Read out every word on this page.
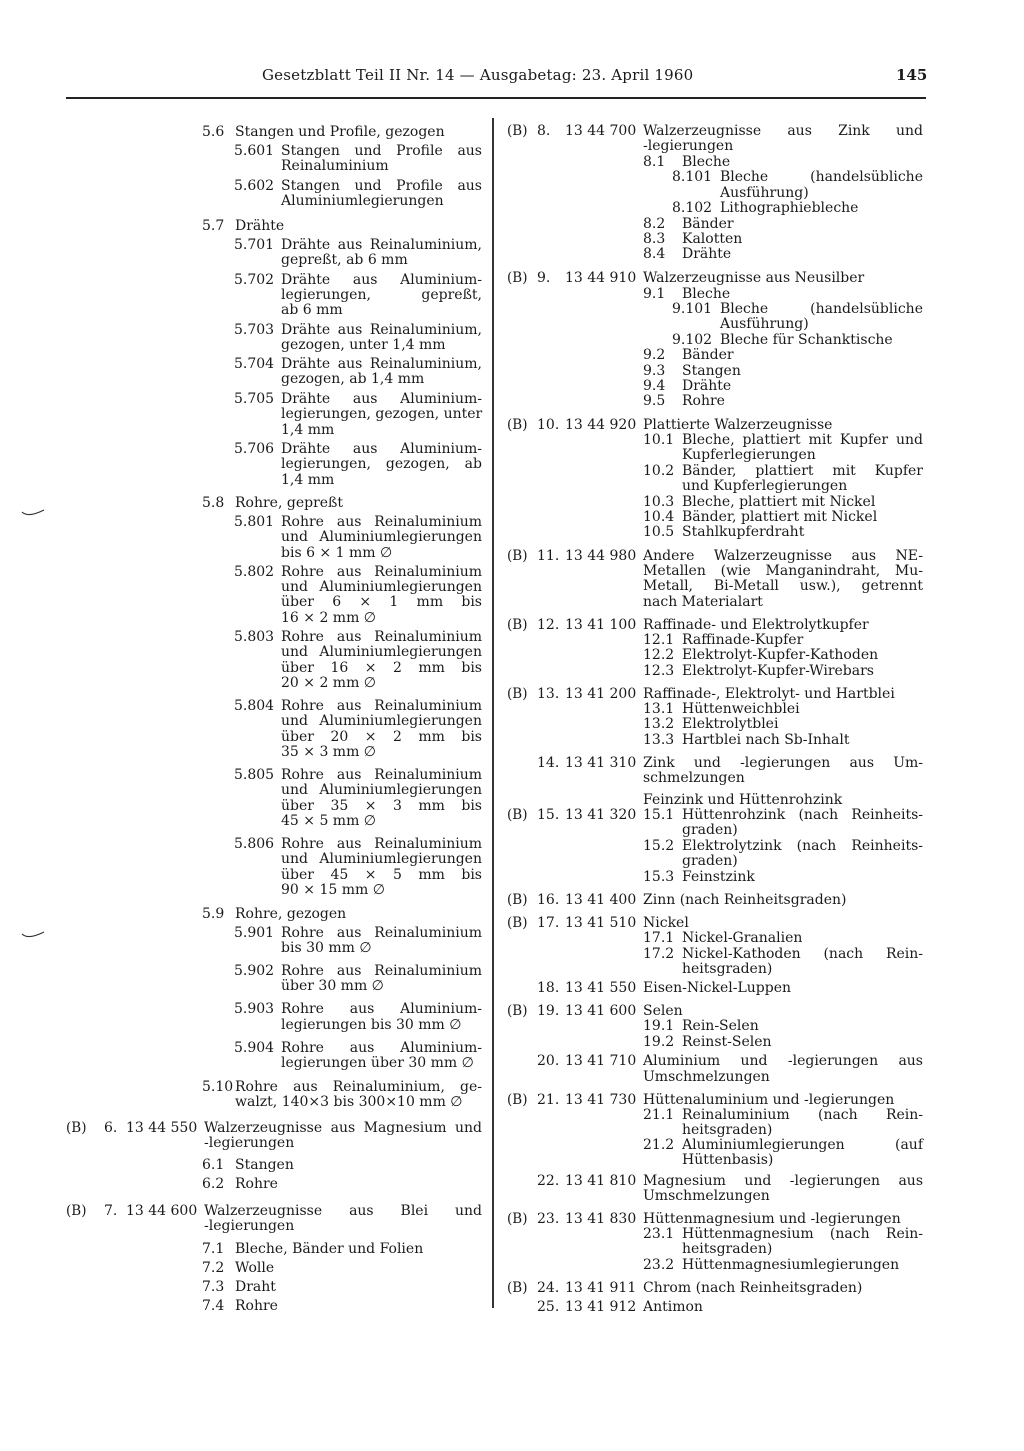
Gesetzblatt Teil II Nr. 14 — Ausgabetag: 23. April 1960	145
5.6 Stangen und Profile, gezogen
5.601 Stangen und Profile aus
Reinaluminium
5.602 Stangen und Profile aus
Aluminiumlegierungen
5.7 Drähte
5.701 Drähte aus Reinaluminium,
gepreßt, ab 6 mm
5.702 Drähte aus Aluminium-
legierungen, gepreßt,
ab 6 mm
5.703 Drähte aus Reinaluminium,
gezogen, unter 1,4 mm
5.704 Drähte aus Reinaluminium,
gezogen, ab 1,4 mm
5.705 Drähte aus Aluminium-
legierungen, gezogen, unter
1,4 mm
5.706 Drähte aus Aluminium-
legierungen, gezogen, ab
1,4 mm
5.8 Rohre, gepreßt
5.801 Rohre aus Reinaluminium
und Aluminiumlegierungen
bis 6 × 1 mm ∅
5.802 Rohre aus Reinaluminium
und Aluminiumlegierungen
über 6 × 1 mm bis
16 × 2 mm ∅
5.803 Rohre aus Reinaluminium
und Aluminiumlegierungen
über 16 × 2 mm bis
20 × 2 mm ∅
5.804 Rohre aus Reinaluminium
und Aluminiumlegierungen
über 20 × 2 mm bis
35 × 3 mm ∅
5.805 Rohre aus Reinaluminium
und Aluminiumlegierungen
über 35 × 3 mm bis
45 × 5 mm ∅
5.806 Rohre aus Reinaluminium
und Aluminiumlegierungen
über 45 × 5 mm bis
90 × 15 mm ∅
5.9 Rohre, gezogen
5.901 Rohre aus Reinaluminium
bis 30 mm ∅
5.902 Rohre aus Reinaluminium
über 30 mm ∅
5.903 Rohre aus Aluminium-
legierungen bis 30 mm ∅
5.904 Rohre aus Aluminium-
legierungen über 30 mm ∅
5.10 Rohre aus Reinaluminium, ge-
walzt, 140×3 bis 300×10 mm ∅
(B) 6. 13 44 550 Walzerzeugnisse aus Magnesium und
-legierungen
6.1 Stangen
6.2 Rohre
(B) 7. 13 44 600 Walzerzeugnisse aus Blei und
-legierungen
7.1 Bleche, Bänder und Folien
7.2 Wolle
7.3 Draht
7.4 Rohre
(B) 8. 13 44 700 Walzerzeugnisse aus Zink und
-legierungen
8.1 Bleche
8.101 Bleche (handelsübliche
Ausführung)
8.102 Lithographiebleche
8.2 Bänder
8.3 Kalotten
8.4 Drähte
(B) 9. 13 44 910 Walzerzeugnisse aus Neusilber
9.1 Bleche
9.101 Bleche (handelsübliche
Ausführung)
9.102 Bleche für Schanktische
9.2 Bänder
9.3 Stangen
9.4 Drähte
9.5 Rohre
(B) 10. 13 44 920 Plattierte Walzerzeugnisse
10.1 Bleche, plattiert mit Kupfer und
Kupferlegierungen
10.2 Bänder, plattiert mit Kupfer
und Kupferlegierungen
10.3 Bleche, plattiert mit Nickel
10.4 Bänder, plattiert mit Nickel
10.5 Stahlkupferdraht
(B) 11. 13 44 980 Andere Walzerzeugnisse aus NE-
Metallen (wie Manganindraht, Mu-
Metall, Bi-Metall usw.), getrennt
nach Materialart
(B) 12. 13 41 100 Raffinade- und Elektrolytkupfer
12.1 Raffinade-Kupfer
12.2 Elektrolyt-Kupfer-Kathoden
12.3 Elektrolyt-Kupfer-Wirebars
(B) 13. 13 41 200 Raffinade-, Elektrolyt- und Hartblei
13.1 Hüttenweichblei
13.2 Elektrolytblei
13.3 Hartblei nach Sb-Inhalt
14. 13 41 310 Zink und -legierungen aus Um-
schmelzungen
Feinzink und Hüttenrohzink
(B) 15. 13 41 320 15.1 Hüttenrohzink (nach Reinheits-
graden)
15.2 Elektrolytzink (nach Reinheits-
graden)
15.3 Feinstzink
(B) 16. 13 41 400 Zinn (nach Reinheitsgraden)
(B) 17. 13 41 510 Nickel
17.1 Nickel-Granalien
17.2 Nickel-Kathoden (nach Rein-
heitsgraden)
18. 13 41 550 Eisen-Nickel-Luppen
(B) 19. 13 41 600 Selen
19.1 Rein-Selen
19.2 Reinst-Selen
20. 13 41 710 Aluminium und -legierungen aus
Umschmelzungen
(B) 21. 13 41 730 Hüttenaluminium und -legierungen
21.1 Reinaluminium (nach Rein-
heitsgraden)
21.2 Aluminiumlegierungen (auf
Hüttenbasis)
22. 13 41 810 Magnesium und -legierungen aus
Umschmelzungen
(B) 23. 13 41 830 Hüttenmagnesium und -legierungen
23.1 Hüttenmagnesium (nach Rein-
heitsgraden)
23.2 Hüttenmagnesiumlegierungen
(B) 24. 13 41 911 Chrom (nach Reinheitsgraden)
25. 13 41 912 Antimon
